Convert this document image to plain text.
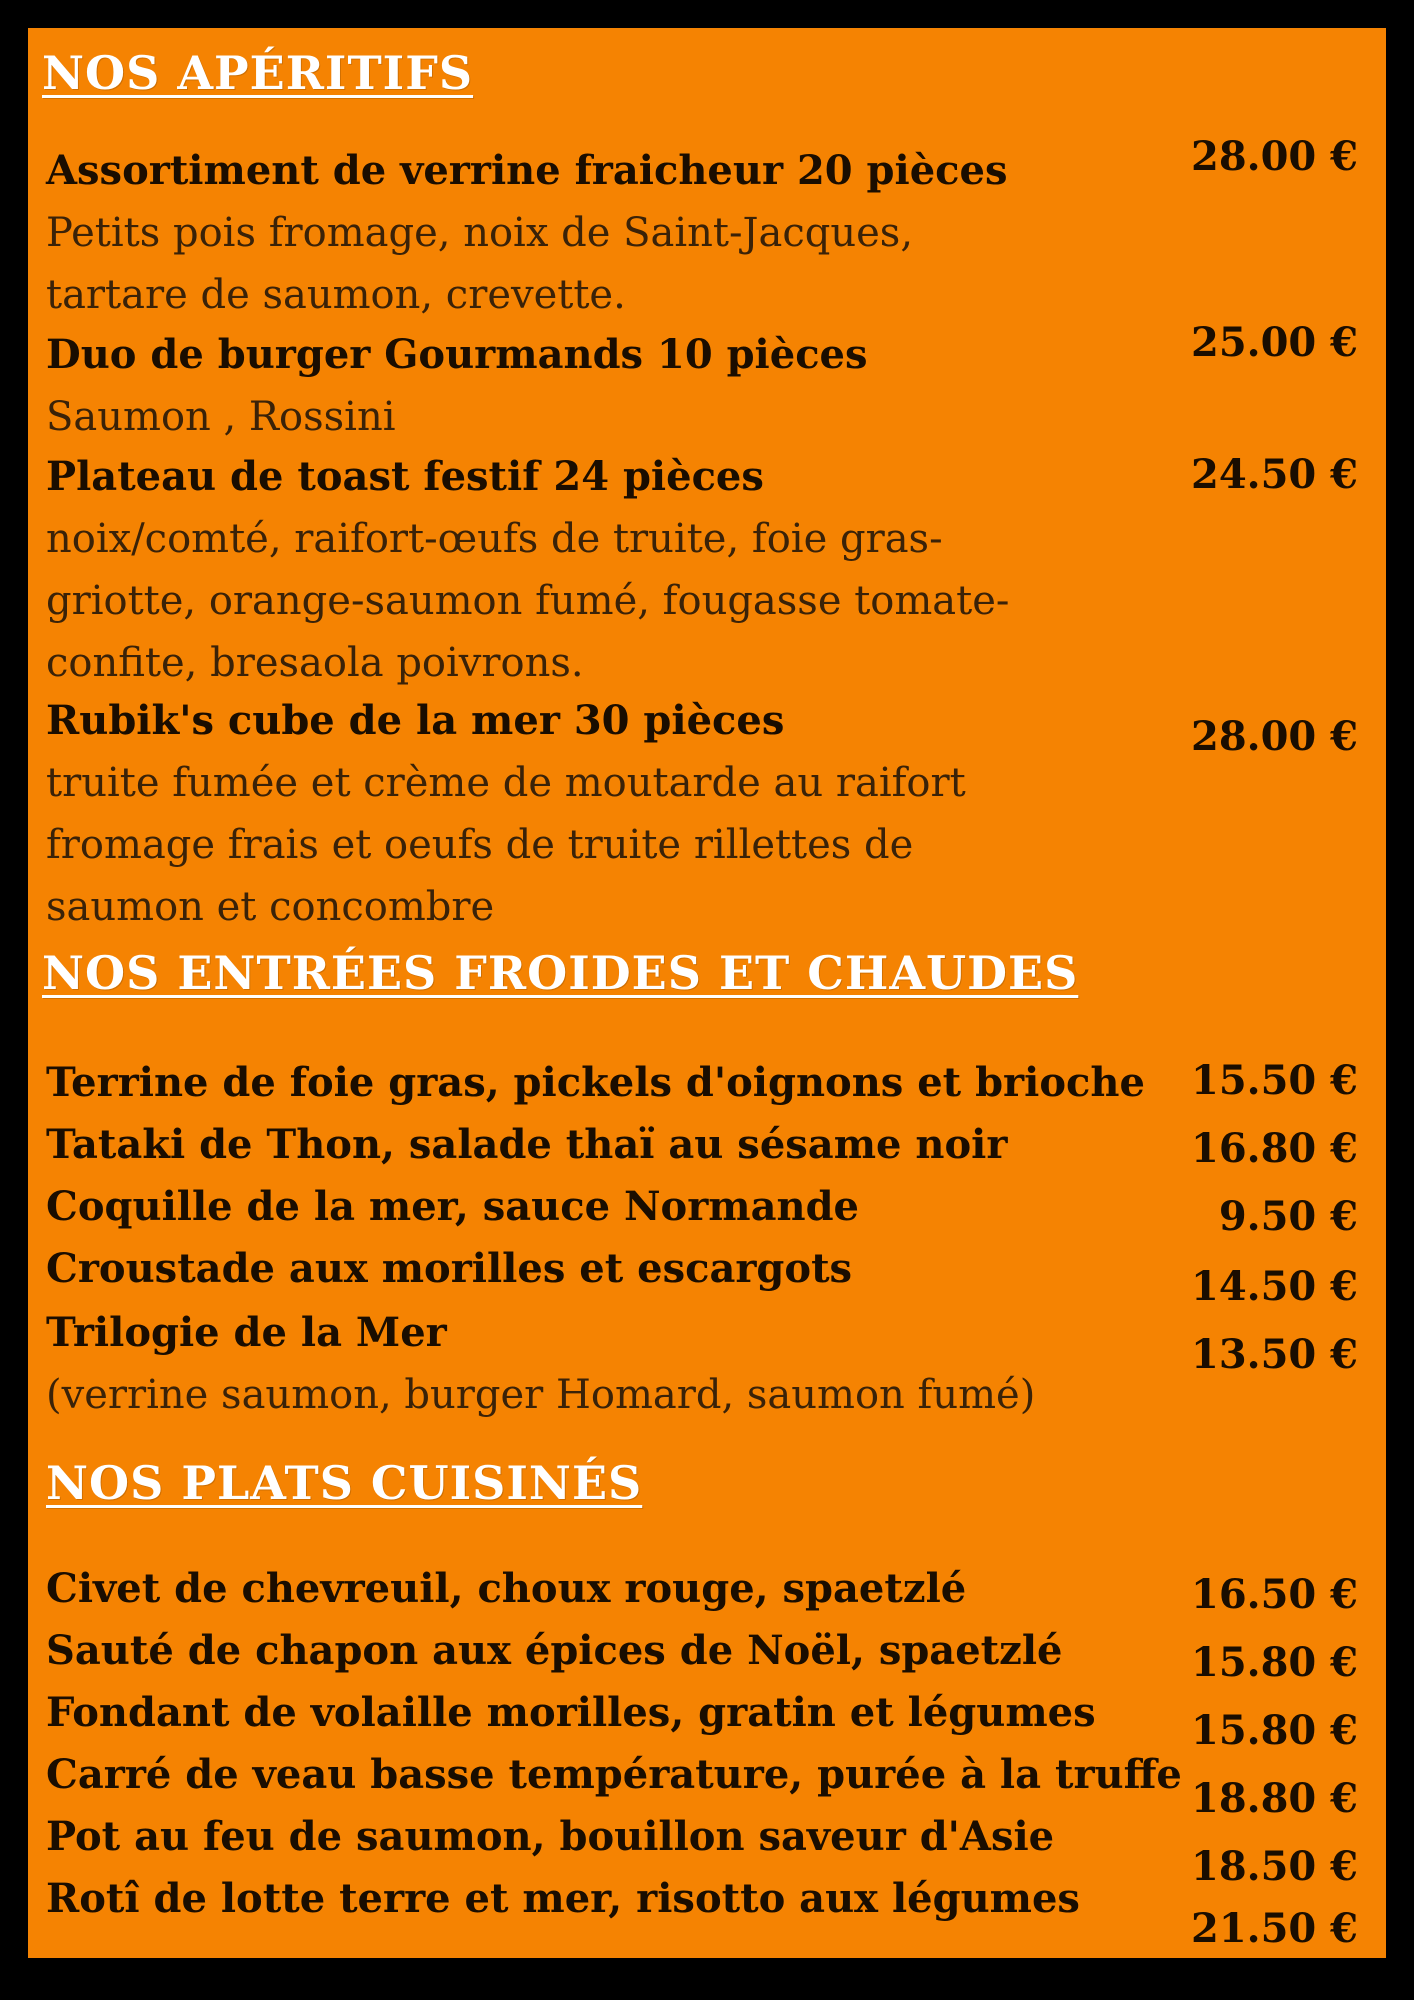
NOS APÉRITIFS
Assortiment de verrine fraicheur 20 pièces
Petits pois fromage, noix de Saint-Jacques,
tartare de saumon, crevette.
28.00 €
Duo de burger Gourmands 10 pièces
Saumon , Rossini
25.00 €
Plateau de toast festif 24 pièces
noix/comté, raifort-œufs de truite, foie gras-
griotte, orange-saumon fumé, fougasse tomate-
confite, bresaola poivrons.
24.50 €
Rubik's cube de la mer 30 pièces
truite fumée et crème de moutarde au raifort
fromage frais et oeufs de truite rillettes de
saumon et concombre
28.00 €
NOS ENTRÉES FROIDES ET CHAUDES
Terrine de foie gras, pickels d'oignons et brioche	15.50 €
Tataki de Thon, salade thaï au sésame noir	16.80 €
Coquille de la mer, sauce Normande	9.50 €
Croustade aux morilles et escargots	14.50 €
Trilogie de la Mer
(verrine saumon, burger Homard, saumon fumé)
13.50 €
NOS PLATS CUISINÉS
Civet de chevreuil, choux rouge, spaetzlé	16.50 €
Sauté de chapon aux épices de Noël, spaetzlé	15.80 €
Fondant de volaille morilles, gratin et légumes	15.80 €
Carré de veau basse température, purée à la truffe
18.80 €
Pot au feu de saumon, bouillon saveur d'Asie
18.50 €
Rotî de lotte terre et mer, risotto aux légumes
21.50 €
